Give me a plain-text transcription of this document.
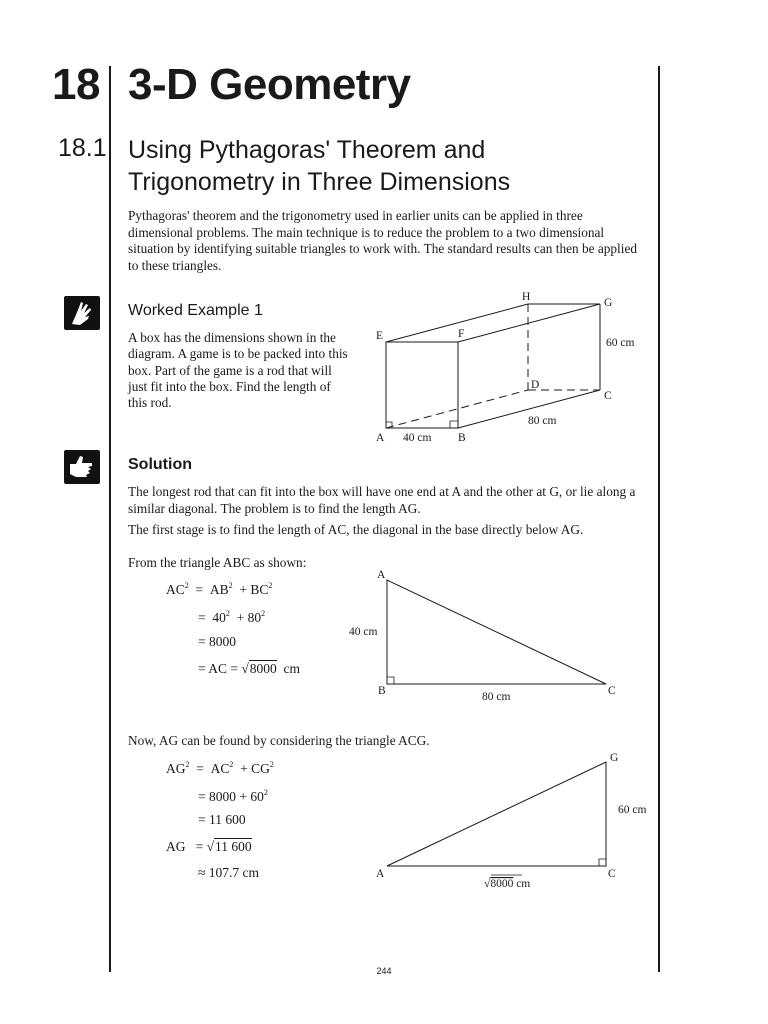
18 3-D Geometry
18.1 Using Pythagoras' Theorem and Trigonometry in Three Dimensions
Pythagoras' theorem and the trigonometry used in earlier units can be applied in three dimensional problems. The main technique is to reduce the problem to a two dimensional situation by identifying suitable triangles to work with. The standard results can then be applied to these triangles.
Worked Example 1
A box has the dimensions shown in the diagram. A game is to be packed into this box. Part of the game is a rod that will just fit into the box. Find the length of this rod.
H	G
E	F
D
C
A	B
40 cm
80 cm
60 cm
Solution
The longest rod that can fit into the box will have one end at A and the other at G, or lie along a similar diagonal. The problem is to find the length AG.
The first stage is to find the length of AC, the diagonal in the base directly below AG.
From the triangle ABC as shown:
$AC^2 = AB^2 + BC^2$
= $40^2 + 80^2$
= 8000
= AC = √8000 cm
A
B	C
40 cm
80 cm
Now, AG can be found by considering the triangle ACG.
$AG^2 = AC^2 + CG^2$
= $8000 + 60^2$
= 11 600
AG = √11 600
≈ 107.7 cm
G
A	C
60 cm
√8000 cm
244
